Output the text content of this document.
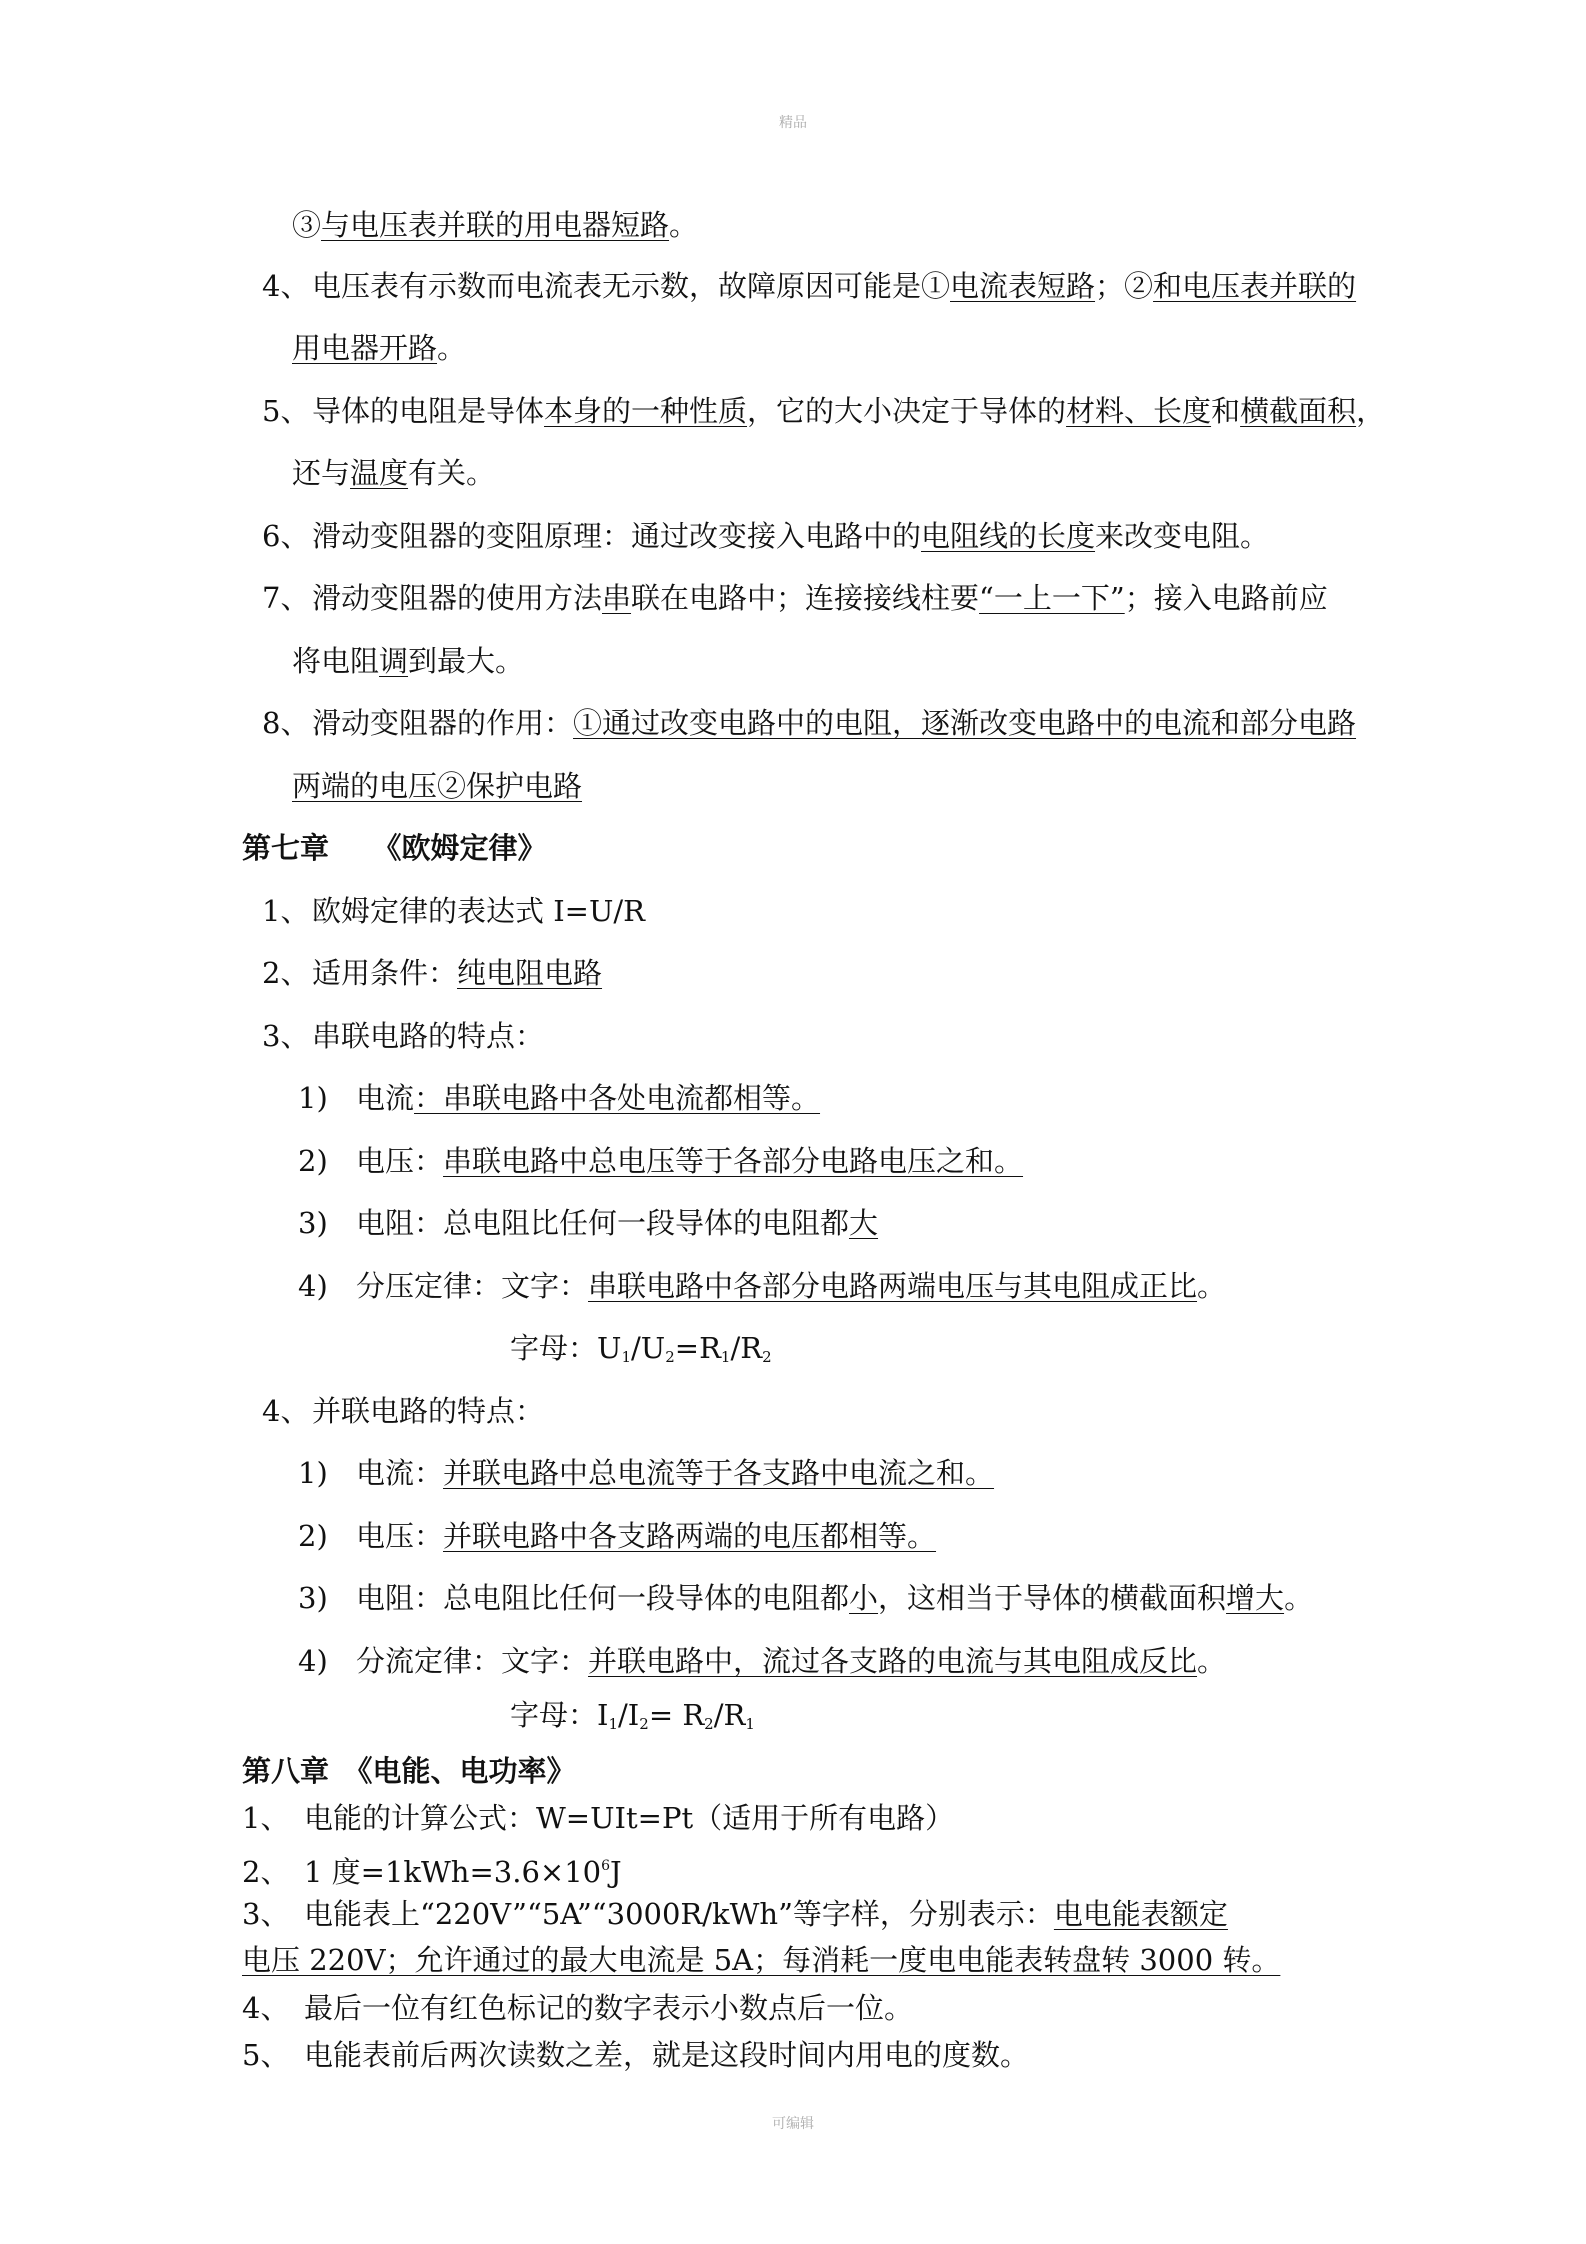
精品
③与电压表并联的用电器短路。
4、电压表有示数而电流表无示数，故障原因可能是①电流表短路；②和电压表并联的
用电器开路。
5、导体的电阻是导体本身的一种性质，它的大小决定于导体的材料、长度和横截面积，
还与温度有关。
6、滑动变阻器的变阻原理：通过改变接入电路中的电阻线的长度来改变电阻。
7、滑动变阻器的使用方法串联在电路中；连接接线柱要“一上一下”；接入电路前应
将电阻调到最大。
8、滑动变阻器的作用：①通过改变电路中的电阻，逐渐改变电路中的电流和部分电路
两端的电压②保护电路
第七章　　《欧姆定律》
1、欧姆定律的表达式 I=U/R
2、适用条件：纯电阻电路
3、串联电路的特点：
1) 电流：串联电路中各处电流都相等。
2) 电压：串联电路中总电压等于各部分电路电压之和。
3) 电阻：总电阻比任何一段导体的电阻都大
4) 分压定律：文字：串联电路中各部分电路两端电压与其电阻成正比。
字母：$U_1/U_2=R_1/R_2$
4、并联电路的特点：
1) 电流：并联电路中总电流等于各支路中电流之和。
2) 电压：并联电路中各支路两端的电压都相等。
3) 电阻：总电阻比任何一段导体的电阻都小，这相当于导体的横截面积增大。
4) 分流定律：文字：并联电路中，流过各支路的电流与其电阻成反比。
字母：$I_1/I_2= R_2/R_1$
第八章　《电能、电功率》
1、 电能的计算公式：W=UIt=Pt（适用于所有电路）
2、 1 度$=1kWh=3.6\times 10^6J$
3、 电能表上“220V”“5A”“3000R/kWh”等字样，分别表示：电电能表额定
电压 220V；允许通过的最大电流是 5A；每消耗一度电电能表转盘转 3000 转。
4、 最后一位有红色标记的数字表示小数点后一位。
5、 电能表前后两次读数之差，就是这段时间内用电的度数。
可编辑
